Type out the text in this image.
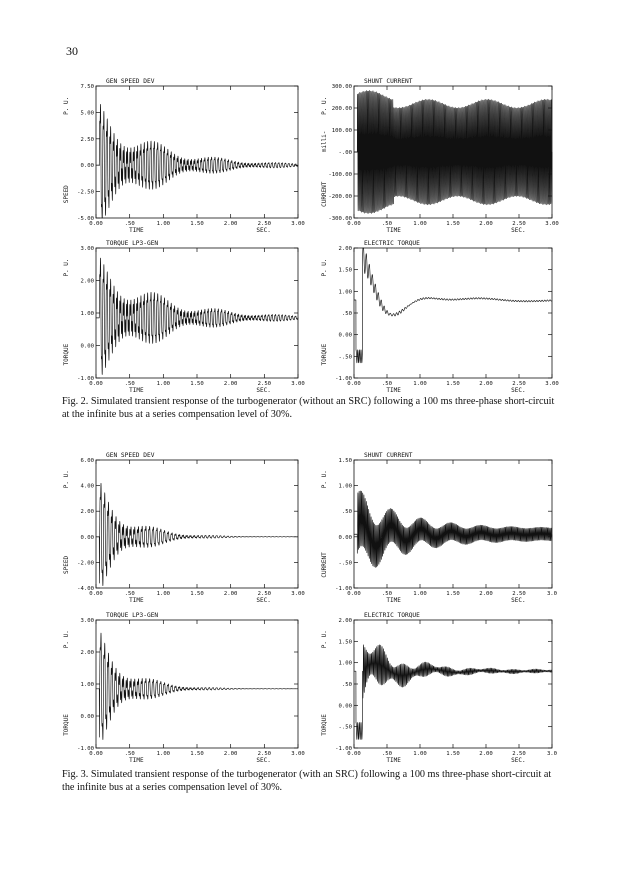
30
GEN SPEED DEV
7.50
5.00
2.50
0.00
-2.50
-5.00
0.00	.50	1.00	1.50	2.00	2.50	3.00
TIME	SEC.
P. U.
SPEED
SHUNT CURRENT
300.00
200.00
100.00
-.00
-100.00
-200.00
-300.00
0.00	.50	1.00	1.50	2.00	2.50	3.00
TIME	SEC.
P. U.
milli-
CURRENT
TORQUE LP3-GEN
3.00
2.00
1.00
0.00
-1.00
0.00	.50	1.00	1.50	2.00	2.50	3.00
TIME	SEC.
P. U.
TORQUE
ELECTRIC TORQUE
2.00
1.50
1.00
.50
0.00
-.50
-1.00
0.00	.50	1.00	1.50	2.00	2.50	3.00
TIME	SEC.
P. U.
TORQUE
Fig. 2. Simulated transient response of the turbogenerator (without an SRC) following a 100 ms three-phase short-circuit at the infinite bus at a series compensation level of 30%.
GEN SPEED DEV
6.00
4.00
2.00
0.00
-2.00
-4.00
0.00	.50	1.00	1.50	2.00	2.50	3.00
TIME	SEC.
P. U.
SPEED
SHUNT CURRENT
1.50
1.00
.50
0.00
-.50
-1.00
0.00	.50	1.00	1.50	2.00	2.50	3.0
TIME	SEC.
P. U.
CURRENT
TORQUE LP3-GEN
3.00
2.00
1.00
0.00
-1.00
0.00	.50	1.00	1.50	2.00	2.50	3.00
TIME	SEC.
P. U.
TORQUE
ELECTRIC TORQUE
2.00
1.50
1.00
.50
0.00
-.50
-1.00
0.00	.50	1.00	1.50	2.00	2.50	3.0
TIME	SEC.
P. U.
TORQUE
Fig. 3. Simulated transient response of the turbogenerator (with an SRC) following a 100 ms three-phase short-circuit at the infinite bus at a series compensation level of 30%.
